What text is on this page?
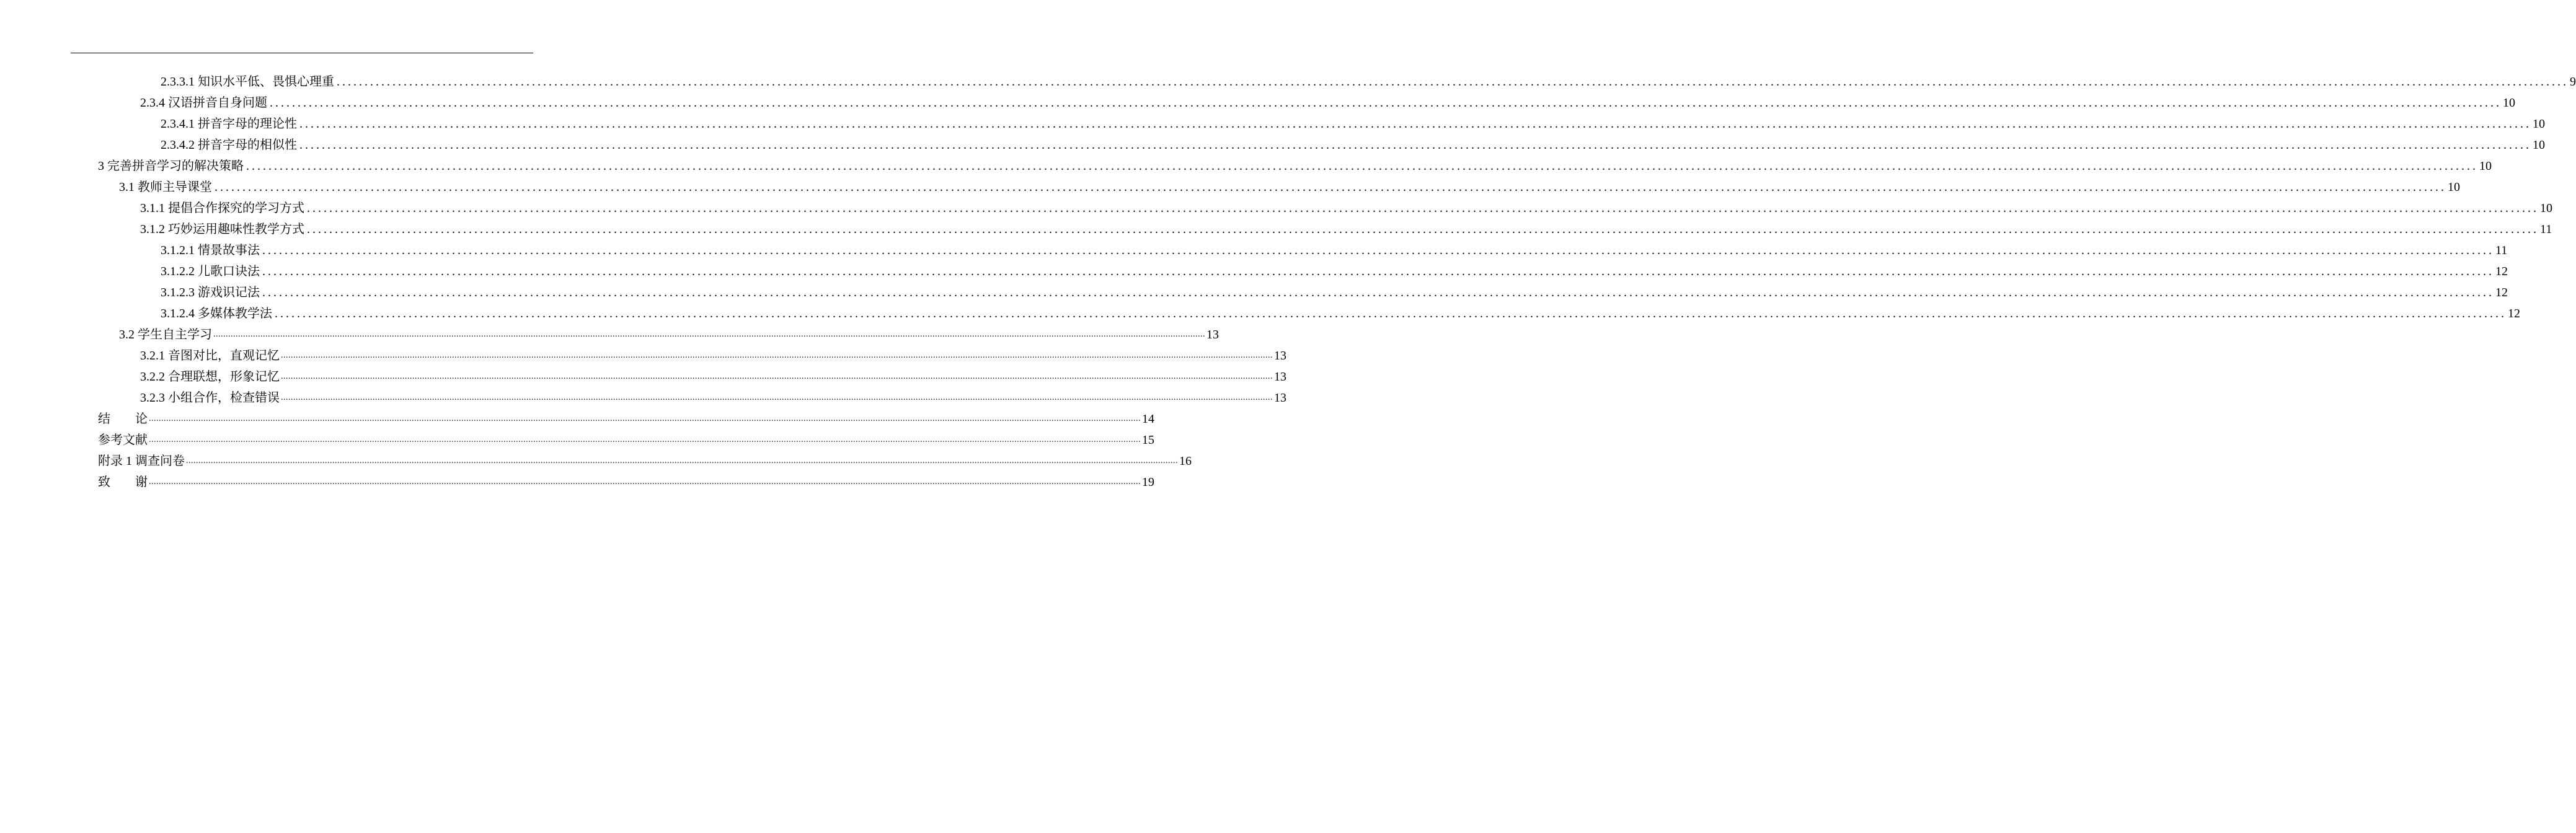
2.3.3.1 知识水平低、畏惧心理重 ................................................................................................................................................................................................................................................................................................................................................................................................................ 9
2.3.4 汉语拼音自身问题 ................................................................................................................................................................................................................................................................................................................................................................................................................ 10
2.3.4.1 拼音字母的理论性 ................................................................................................................................................................................................................................................................................................................................................................................................................ 10
2.3.4.2 拼音字母的相似性 ................................................................................................................................................................................................................................................................................................................................................................................................................ 10
3 完善拼音学习的解决策略 ................................................................................................................................................................................................................................................................................................................................................................................................................ 10
3.1 教师主导课堂 ................................................................................................................................................................................................................................................................................................................................................................................................................ 10
3.1.1 提倡合作探究的学习方式 ................................................................................................................................................................................................................................................................................................................................................................................................................ 10
3.1.2 巧妙运用趣味性教学方式 ................................................................................................................................................................................................................................................................................................................................................................................................................ 11
3.1.2.1 情景故事法 ................................................................................................................................................................................................................................................................................................................................................................................................................ 11
3.1.2.2 儿歌口诀法 ................................................................................................................................................................................................................................................................................................................................................................................................................ 12
3.1.2.3 游戏识记法 ................................................................................................................................................................................................................................................................................................................................................................................................................ 12
3.1.2.4 多媒体教学法 ................................................................................................................................................................................................................................................................................................................................................................................................................ 12
3.2 学生自主学习 ................................................................................................................................................................................................................................................................................................................................................................................................................ 13
3.2.1 音图对比，直观记忆 ................................................................................................................................................................................................................................................................................................................................................................................................................ 13
3.2.2 合理联想，形象记忆 ................................................................................................................................................................................................................................................................................................................................................................................................................ 13
3.2.3 小组合作，检查错误 ................................................................................................................................................................................................................................................................................................................................................................................................................ 13
结　　论 ................................................................................................................................................................................................................................................................................................................................................................................................................ 14
参考文献 ................................................................................................................................................................................................................................................................................................................................................................................................................ 15
附录 1 调查问卷 ................................................................................................................................................................................................................................................................................................................................................................................................................ 16
致　　谢 ................................................................................................................................................................................................................................................................................................................................................................................................................ 19
